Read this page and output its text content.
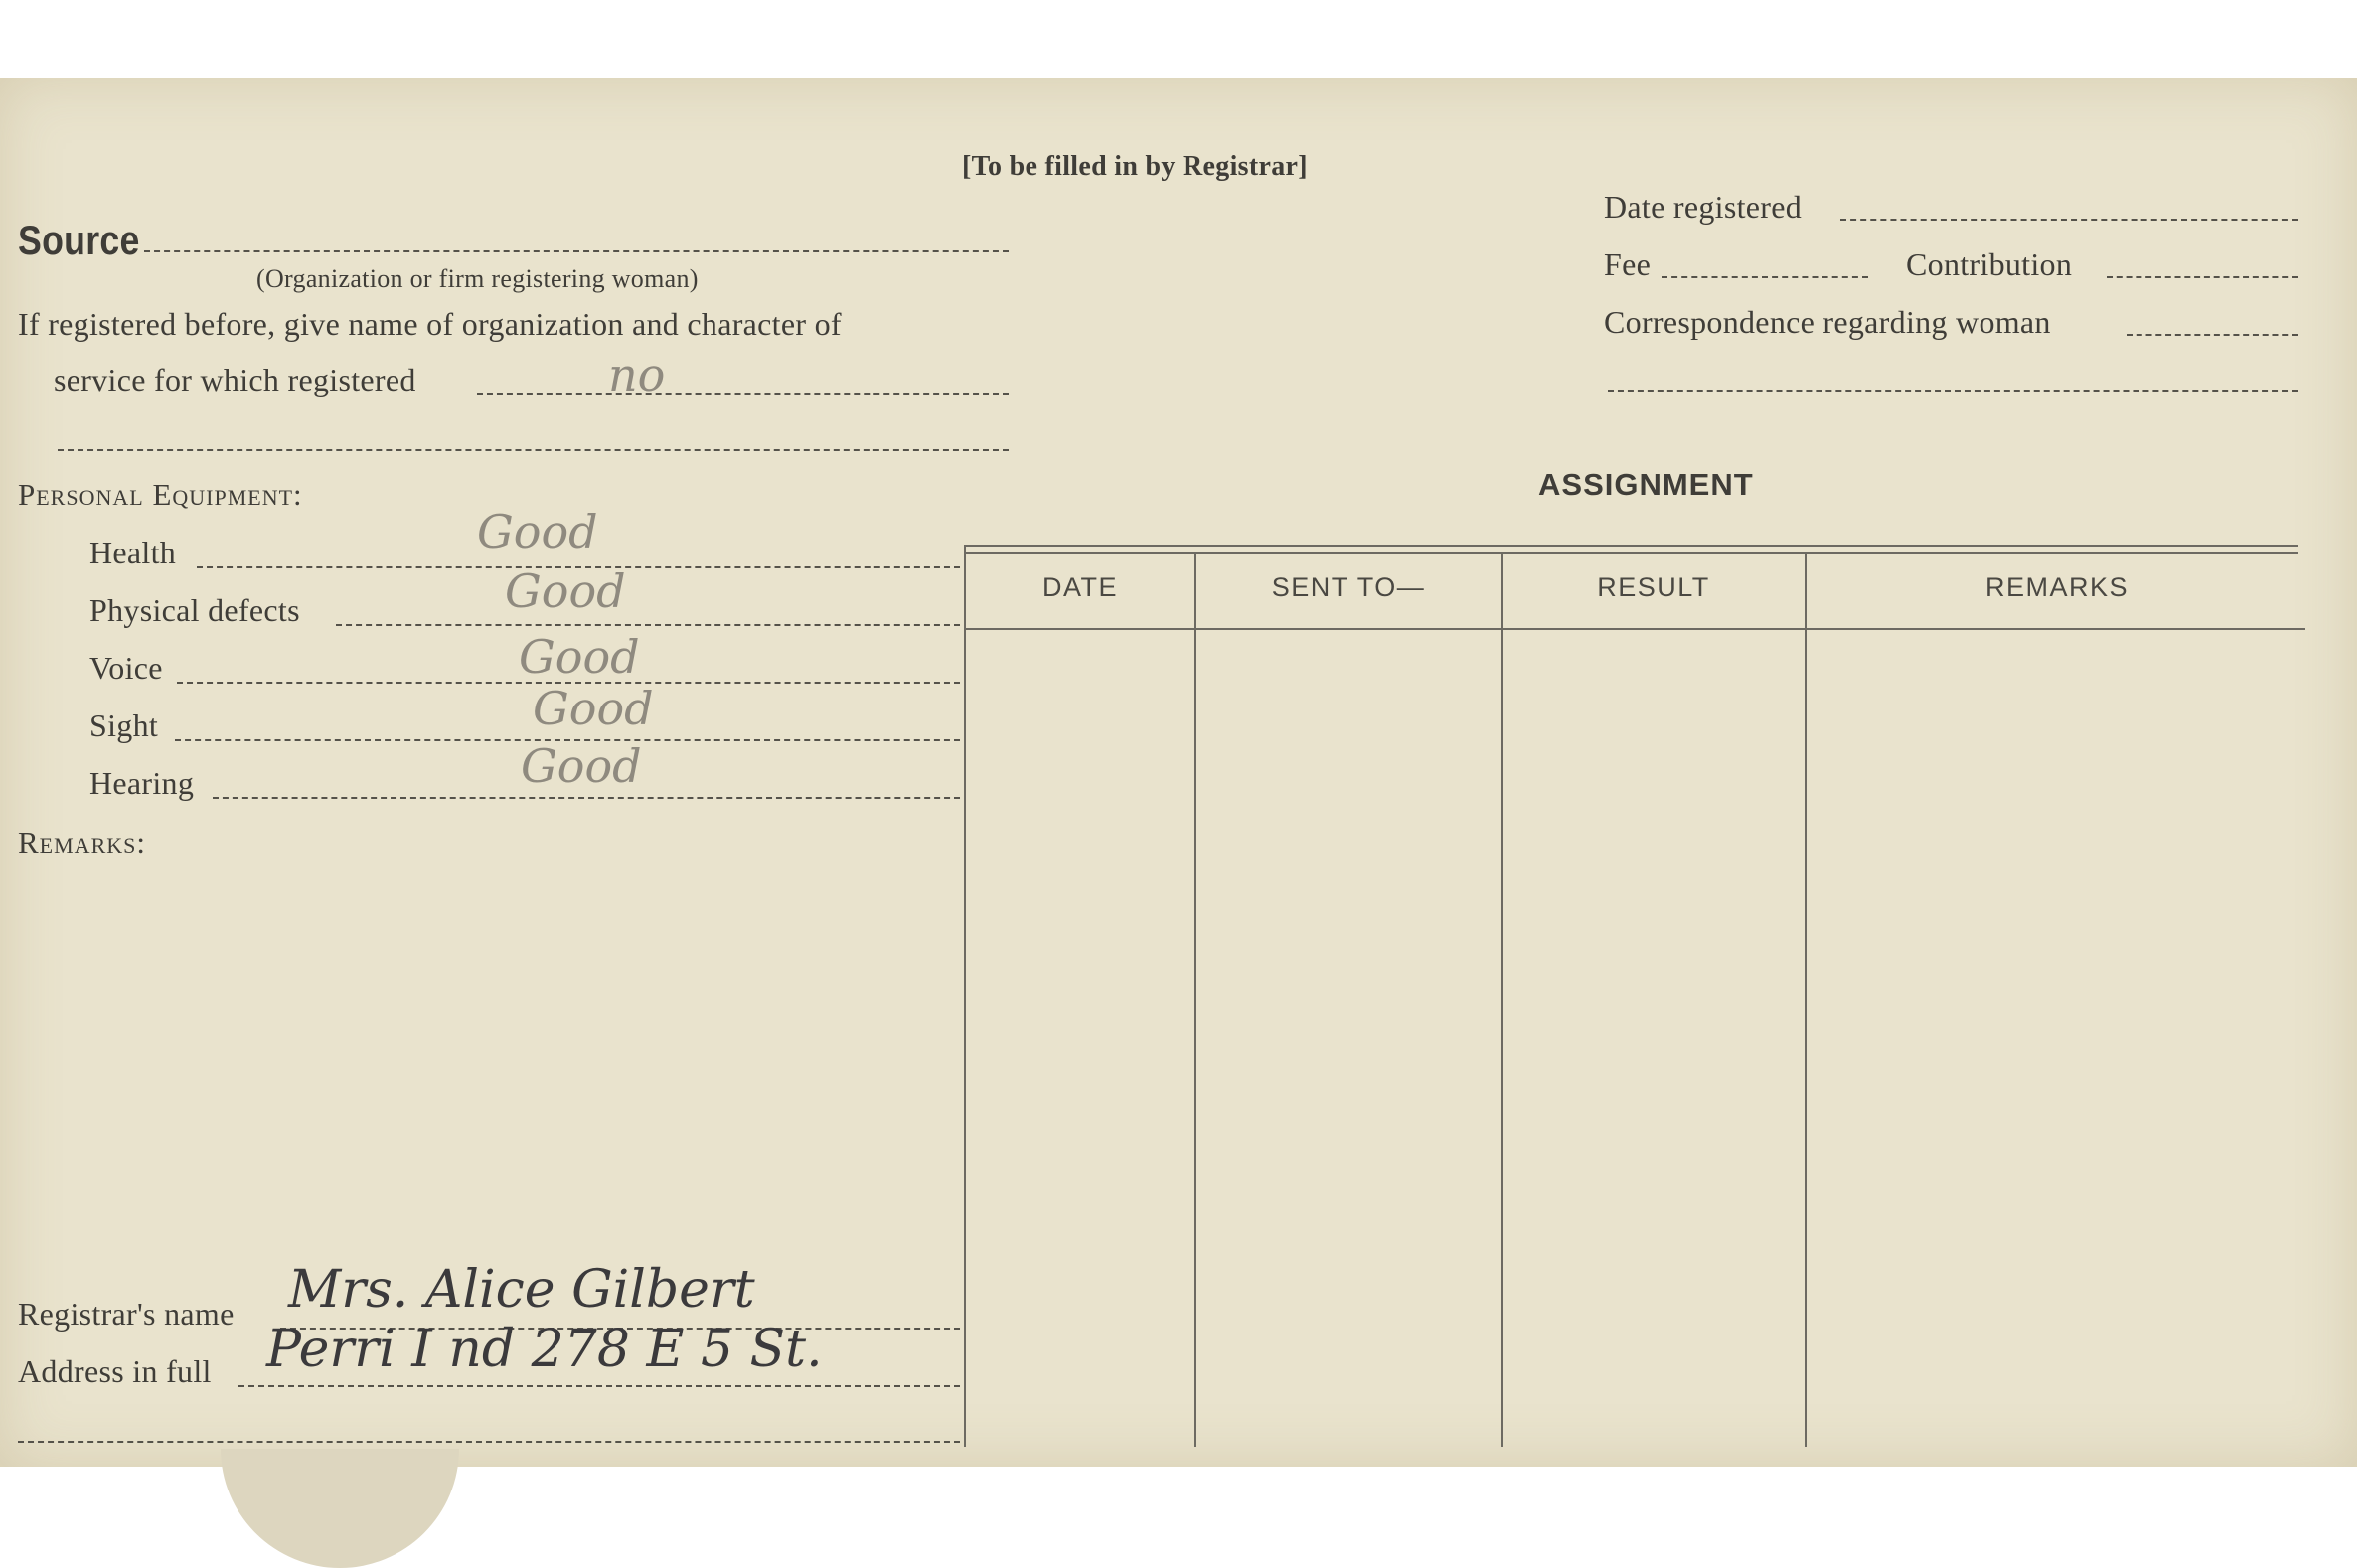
[To be filled in by Registrar]
Source
(Organization or firm registering woman)
If registered before, give name of organization and character of
service for which registered	no
Personal Equipment:
Health	Good
Physical defects	Good
Voice	Good
Sight	Good
Hearing	Good
Remarks:
Registrar's name Mrs. Alice Gilbert
Address in full Perri I nd 278 E 5 St.
Date registered
Fee	Contribution
Correspondence regarding woman
ASSIGNMENT
DATE	SENT TO—	RESULT	REMARKS
